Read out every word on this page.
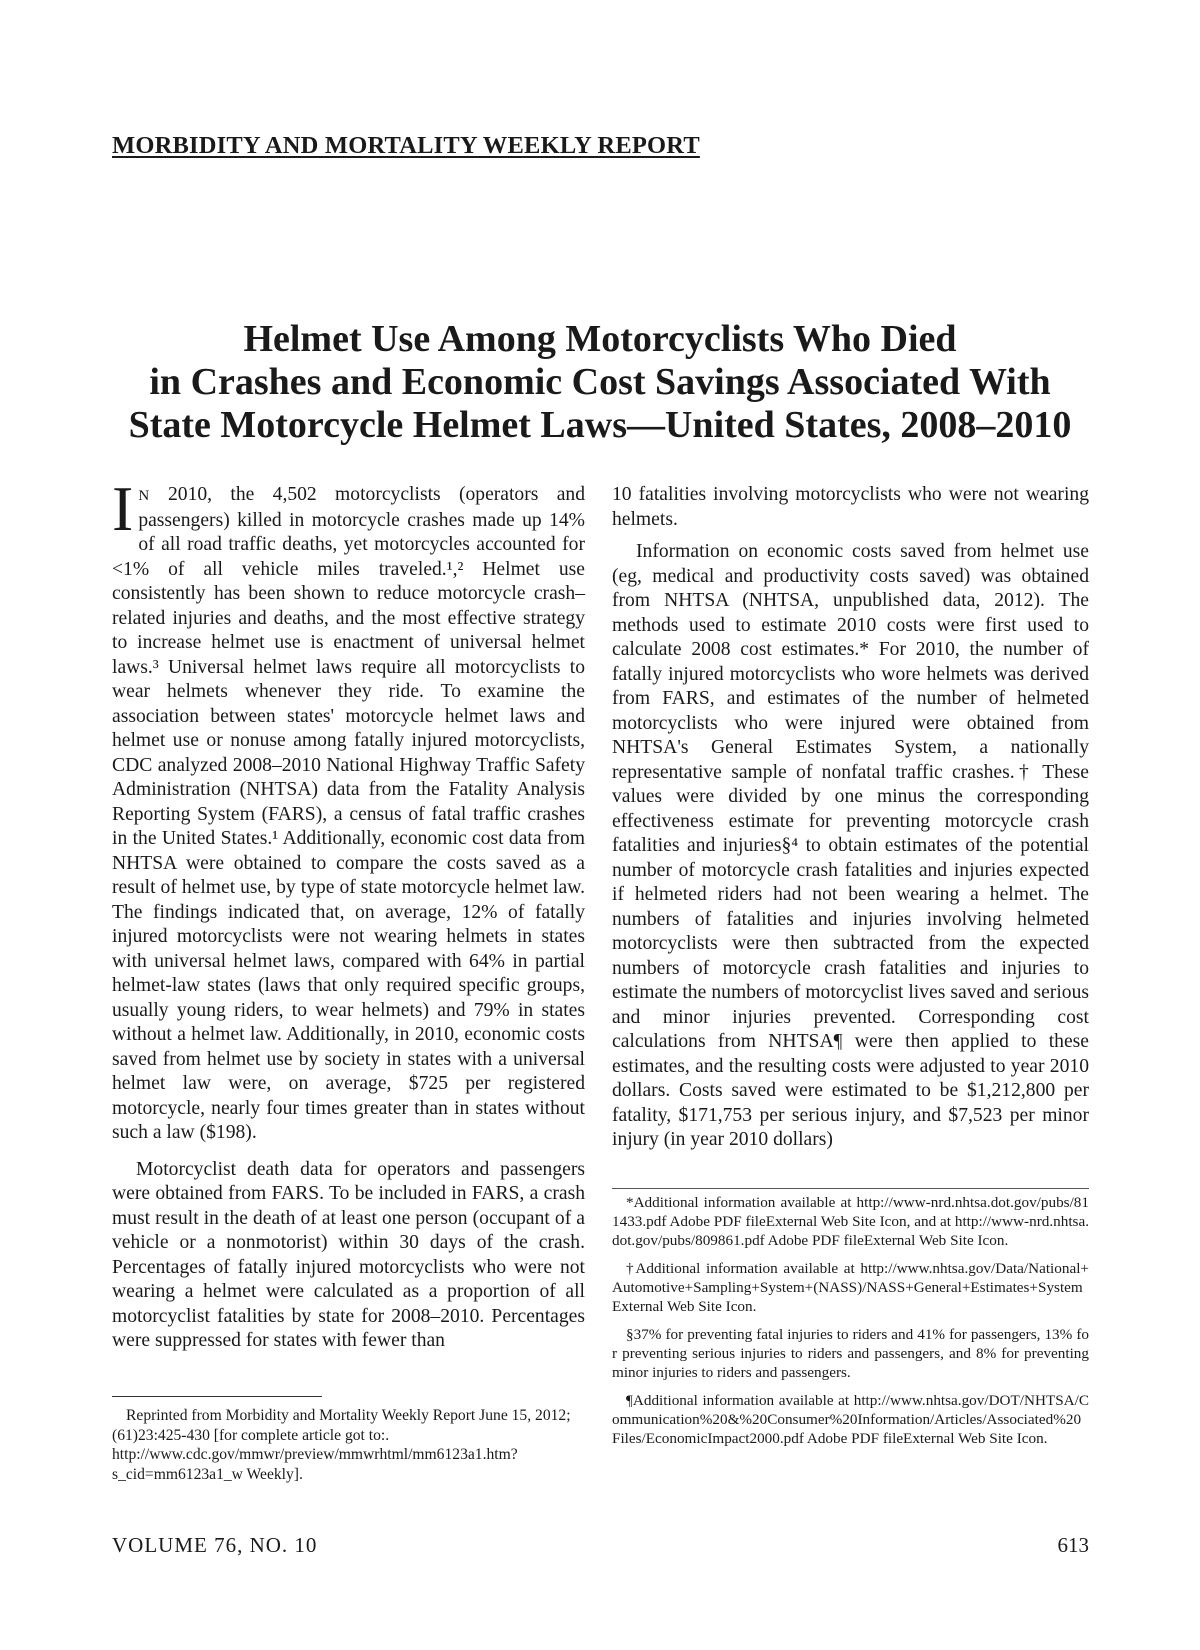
MORBIDITY AND MORTALITY WEEKLY REPORT
Helmet Use Among Motorcyclists Who Died
in Crashes and Economic Cost Savings Associated With
State Motorcycle Helmet Laws—United States, 2008–2010

I N 2010, the 4,502 motorcyclists (operators and passengers) killed in motorcycle crashes made up 14% of all road traffic deaths, yet motorcycles accounted for <1% of all vehicle miles traveled.¹,² Helmet use consistently has been shown to reduce motorcycle crash–related injuries and deaths, and the most effective strategy to increase helmet use is enactment of universal helmet laws.³ Universal helmet laws require all motorcyclists to wear helmets whenever they ride. To examine the association between states' motorcycle helmet laws and helmet use or nonuse among fatally injured motorcyclists, CDC analyzed 2008–2010 National Highway Traffic Safety Administration (NHTSA) data from the Fatality Analysis Reporting System (FARS), a census of fatal traffic crashes in the United States.¹ Additionally, economic cost data from NHTSA were obtained to compare the costs saved as a result of helmet use, by type of state motorcycle helmet law. The findings indicated that, on average, 12% of fatally injured motorcyclists were not wearing helmets in states with universal helmet laws, compared with 64% in partial helmet-law states (laws that only required specific groups, usually young riders, to wear helmets) and 79% in states without a helmet law. Additionally, in 2010, economic costs saved from helmet use by society in states with a universal helmet law were, on average, $725 per registered motorcycle, nearly four times greater than in states without such a law ($198).

Motorcyclist death data for operators and passengers were obtained from FARS. To be included in FARS, a crash must result in the death of at least one person (occupant of a vehicle or a nonmotorist) within 30 days of the crash. Percentages of fatally injured motorcyclists who were not wearing a helmet were calculated as a proportion of all motorcyclist fatalities by state for 2008–2010. Percentages were suppressed for states with fewer than

10 fatalities involving motorcyclists who were not wearing helmets.

Information on economic costs saved from helmet use (eg, medical and productivity costs saved) was obtained from NHTSA (NHTSA, unpublished data, 2012). The methods used to estimate 2010 costs were first used to calculate 2008 cost estimates.* For 2010, the number of fatally injured motorcyclists who wore helmets was derived from FARS, and estimates of the number of helmeted motorcyclists who were injured were obtained from NHTSA's General Estimates System, a nationally representative sample of nonfatal traffic crashes.† These values were divided by one minus the corresponding effectiveness estimate for preventing motorcycle crash fatalities and injuries§⁴ to obtain estimates of the potential number of motorcycle crash fatalities and injuries expected if helmeted riders had not been wearing a helmet. The numbers of fatalities and injuries involving helmeted motorcyclists were then subtracted from the expected numbers of motorcycle crash fatalities and injuries to estimate the numbers of motorcyclist lives saved and serious and minor injuries prevented. Corresponding cost calculations from NHTSA¶ were then applied to these estimates, and the resulting costs were adjusted to year 2010 dollars. Costs saved were estimated to be $1,212,800 per fatality, $171,753 per serious injury, and $7,523 per minor injury (in year 2010 dollars)

*Additional information available at http://www-nrd.nhtsa.dot.gov/pubs/811433.pdf Adobe PDF fileExternal Web Site Icon, and at http://www-nrd.nhtsa.dot.gov/pubs/809861.pdf Adobe PDF fileExternal Web Site Icon.

†Additional information available at http://www.nhtsa.gov/Data/National+Automotive+Sampling+System+(NASS)/NASS+General+Estimates+SystemExternal Web Site Icon.

§37% for preventing fatal injuries to riders and 41% for passengers, 13% for preventing serious injuries to riders and passengers, and 8% for preventing minor injuries to riders and passengers.

¶Additional information available at http://www.nhtsa.gov/DOT/NHTSA/Communication%20&%20Consumer%20Information/Articles/Associated%20Files/EconomicImpact2000.pdf Adobe PDF fileExternal Web Site Icon.

Reprinted from Morbidity and Mortality Weekly Report June 15, 2012; (61)23:425-430 [for complete article got to:. http://www.cdc.gov/mmwr/preview/mmwrhtml/mm6123a1.htm?s_cid=mm6123a1_w Weekly].
VOLUME 76, NO. 10	613
